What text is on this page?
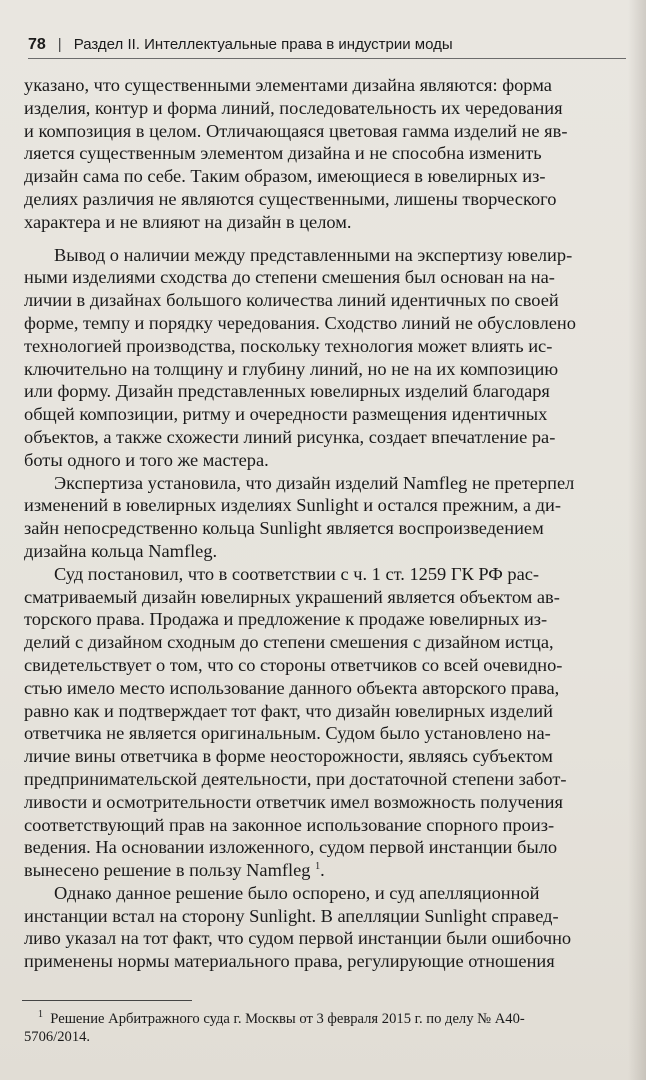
78 | Раздел II. Интеллектуальные права в индустрии моды
указано, что существенными элементами дизайна являются: форма
изделия, контур и форма линий, последовательность их чередования
и композиция в целом. Отличающаяся цветовая гамма изделий не яв-
ляется существенным элементом дизайна и не способна изменить
дизайн сама по себе. Таким образом, имеющиеся в ювелирных из-
делиях различия не являются существенными, лишены творческого
характера и не влияют на дизайн в целом.
Вывод о наличии между представленными на экспертизу ювелир-
ными изделиями сходства до степени смешения был основан на на-
личии в дизайнах большого количества линий идентичных по своей
форме, темпу и порядку чередования. Сходство линий не обусловлено
технологией производства, поскольку технология может влиять ис-
ключительно на толщину и глубину линий, но не на их композицию
или форму. Дизайн представленных ювелирных изделий благодаря
общей композиции, ритму и очередности размещения идентичных
объектов, а также схожести линий рисунка, создает впечатление ра-
боты одного и того же мастера.
Экспертиза установила, что дизайн изделий Namfleg не претерпел
изменений в ювелирных изделиях Sunlight и остался прежним, а ди-
зайн непосредственно кольца Sunlight является воспроизведением
дизайна кольца Namfleg.
Суд постановил, что в соответствии с ч. 1 ст. 1259 ГК РФ рас-
сматриваемый дизайн ювелирных украшений является объектом ав-
торского права. Продажа и предложение к продаже ювелирных из-
делий с дизайном сходным до степени смешения с дизайном истца,
свидетельствует о том, что со стороны ответчиков со всей очевидно-
стью имело место использование данного объекта авторского права,
равно как и подтверждает тот факт, что дизайн ювелирных изделий
ответчика не является оригинальным. Судом было установлено на-
личие вины ответчика в форме неосторожности, являясь субъектом
предпринимательской деятельности, при достаточной степени забот-
ливости и осмотрительности ответчик имел возможность получения
соответствующий прав на законное использование спорного произ-
ведения. На основании изложенного, судом первой инстанции было
вынесено решение в пользу Namfleg $^1$.
Однако данное решение было оспорено, и суд апелляционной
инстанции встал на сторону Sunlight. В апелляции Sunlight справед-
ливо указал на тот факт, что судом первой инстанции были ошибочно
применены нормы материального права, регулирующие отношения
$^1$ Решение Арбитражного суда г. Москвы от 3 февраля 2015 г. по делу № А40-
5706/2014.
